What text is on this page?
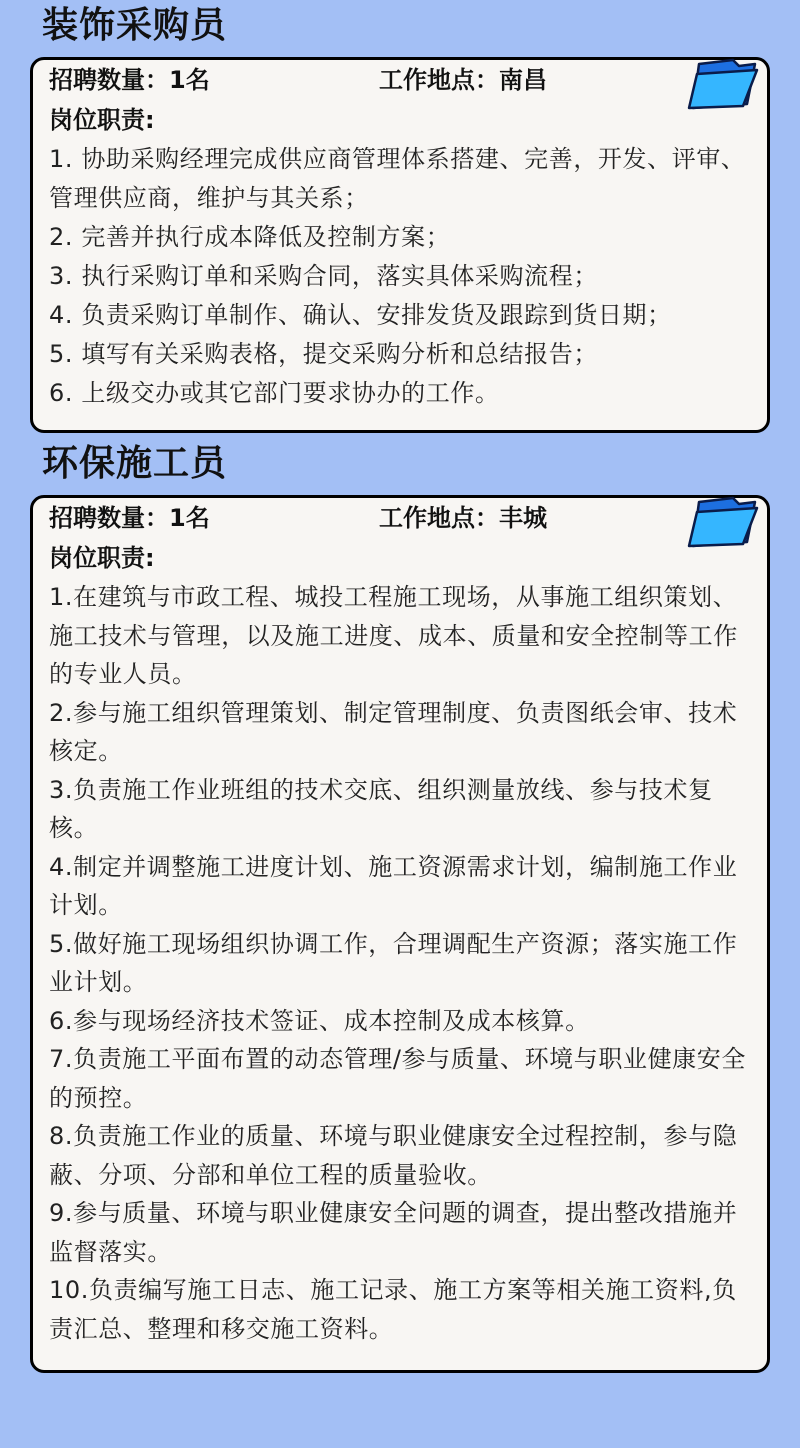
装饰采购员
招聘数量：1名	工作地点：南昌
岗位职责:
1. 协助采购经理完成供应商管理体系搭建、完善，开发、评审、管理供应商，维护与其关系；
2. 完善并执行成本降低及控制方案；
3. 执行采购订单和采购合同，落实具体采购流程；
4. 负责采购订单制作、确认、安排发货及跟踪到货日期；
5. 填写有关采购表格，提交采购分析和总结报告；
6. 上级交办或其它部门要求协办的工作。
环保施工员
招聘数量：1名	工作地点：丰城
岗位职责:
1.在建筑与市政工程、城投工程施工现场，从事施工组织策划、施工技术与管理，以及施工进度、成本、质量和安全控制等工作的专业人员。
2.参与施工组织管理策划、制定管理制度、负责图纸会审、技术核定。
3.负责施工作业班组的技术交底、组织测量放线、参与技术复核。
4.制定并调整施工进度计划、施工资源需求计划，编制施工作业计划。
5.做好施工现场组织协调工作，合理调配生产资源；落实施工作业计划。
6.参与现场经济技术签证、成本控制及成本核算。
7.负责施工平面布置的动态管理/参与质量、环境与职业健康安全的预控。
8.负责施工作业的质量、环境与职业健康安全过程控制，参与隐蔽、分项、分部和单位工程的质量验收。
9.参与质量、环境与职业健康安全问题的调查，提出整改措施并监督落实。
10.负责编写施工日志、施工记录、施工方案等相关施工资料,负责汇总、整理和移交施工资料。
